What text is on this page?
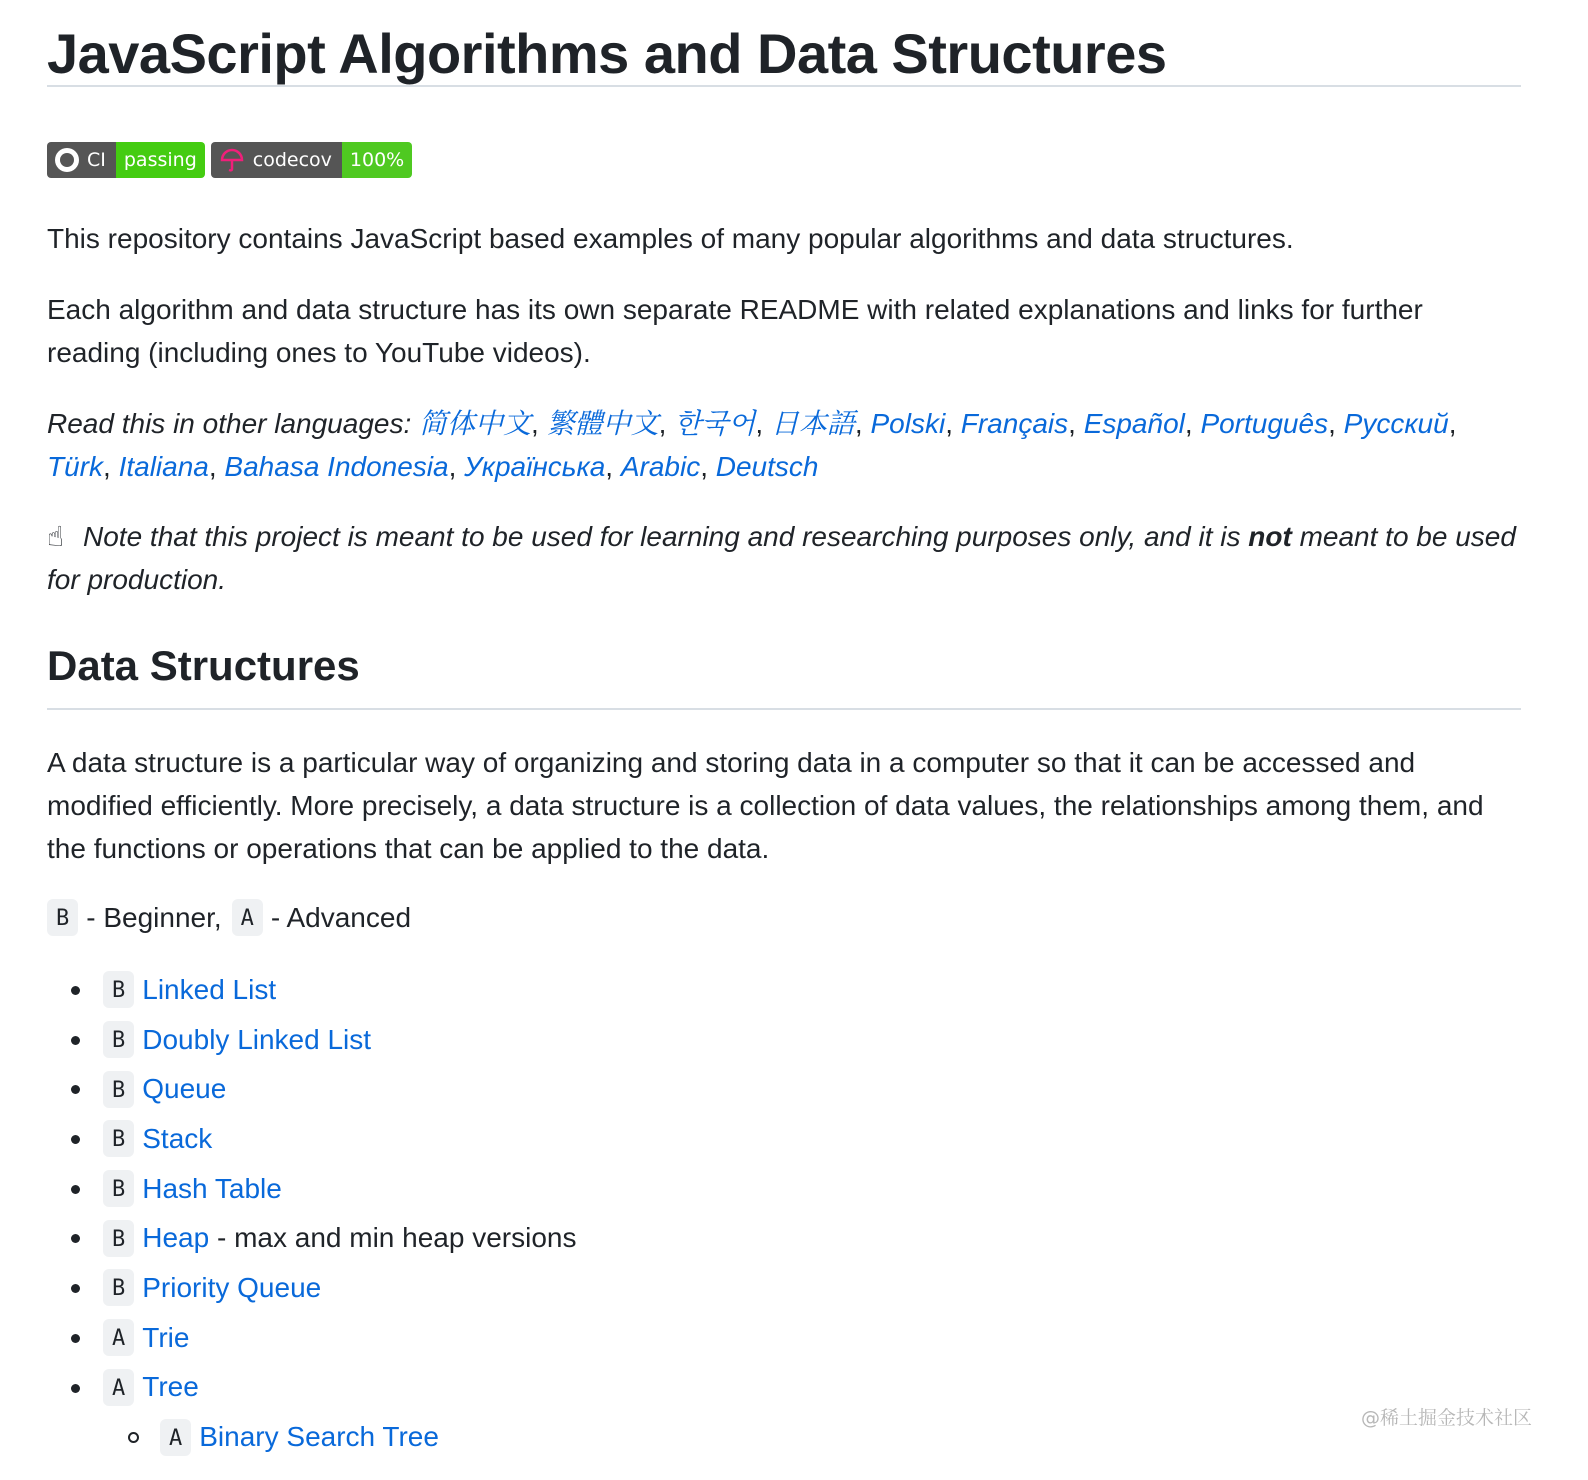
JavaScript Algorithms and Data Structures
CI passing	codecov 100%

This repository contains JavaScript based examples of many popular algorithms and data structures.

Each algorithm and data structure has its own separate README with related explanations and links for further reading (including ones to YouTube videos).

Read this in other languages: 简体中文, 繁體中文, 한국어, 日本語, Polski, Français, Español, Português, Русский, Türk, Italiana, Bahasa Indonesia, Українська, Arabic, Deutsch

☝ Note that this project is meant to be used for learning and researching purposes only, and it is not meant to be used for production.

Data Structures

A data structure is a particular way of organizing and storing data in a computer so that it can be accessed and modified efficiently. More precisely, a data structure is a collection of data values, the relationships among them, and the functions or operations that can be applied to the data.

B - Beginner, A - Advanced
B Linked List
B Doubly Linked List
B Queue
B Stack
B Hash Table
B Heap - max and min heap versions
B Priority Queue
A Trie
A Tree
A Binary Search Tree
@稀土掘金技术社区
